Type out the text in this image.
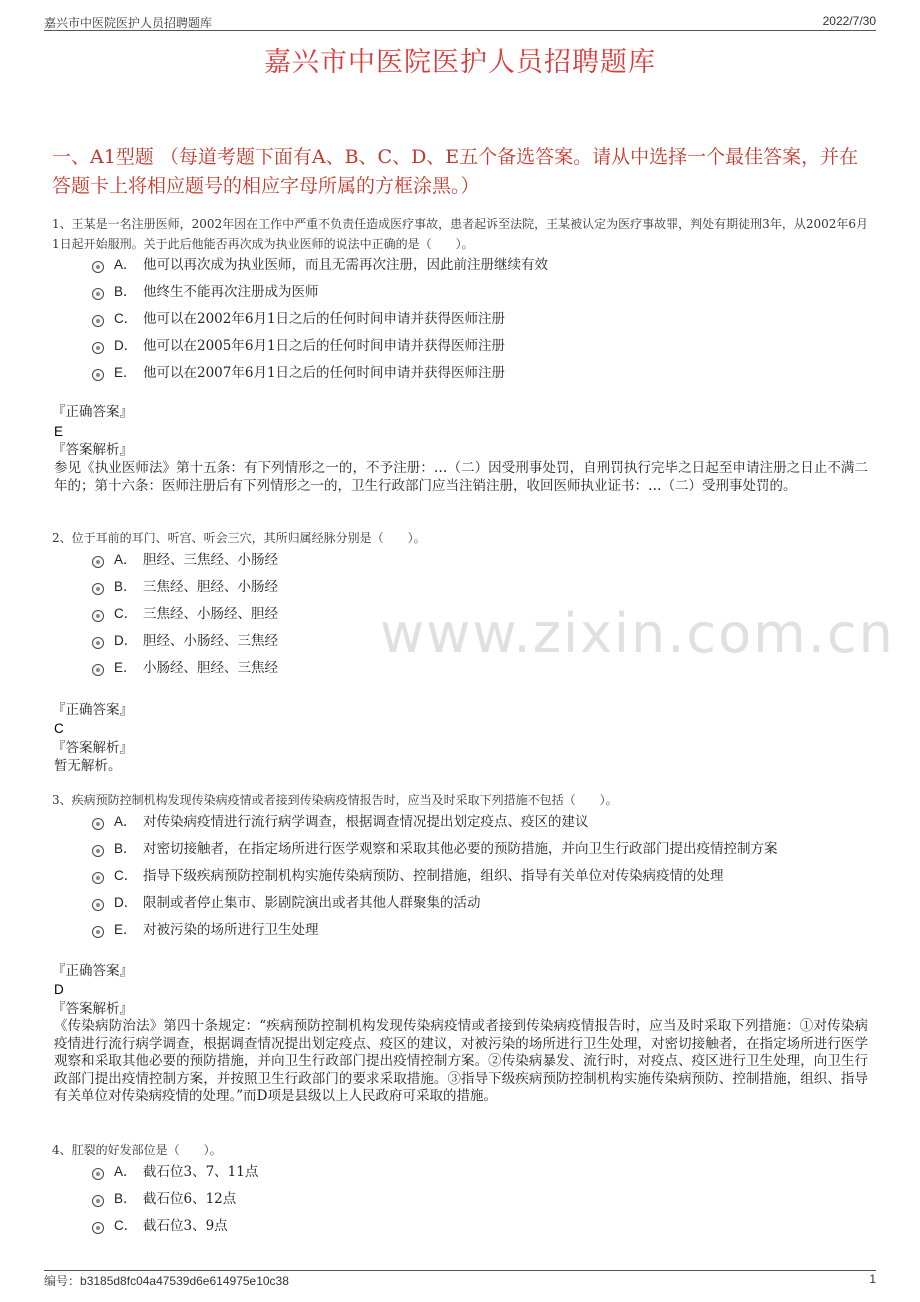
嘉兴市中医院医护人员招聘题库	2022/7/30
嘉兴市中医院医护人员招聘题库
一、A1型题 （每道考题下面有A、B、C、D、E五个备选答案。请从中选择一个最佳答案，并在答题卡上将相应题号的相应字母所属的方框涂黑。）
www.zixin.com.cn
1、王某是一名注册医师，2002年因在工作中严重不负责任造成医疗事故，患者起诉至法院，王某被认定为医疗事故罪，判处有期徒刑3年，从2002年6月1日起开始服刑。关于此后他能否再次成为执业医师的说法中正确的是（　　）。
A． 他可以再次成为执业医师，而且无需再次注册，因此前注册继续有效
B． 他终生不能再次注册成为医师
C． 他可以在2002年6月1日之后的任何时间申请并获得医师注册
D． 他可以在2005年6月1日之后的任何时间申请并获得医师注册
E． 他可以在2007年6月1日之后的任何时间申请并获得医师注册
『正确答案』
E
『答案解析』
参见《执业医师法》第十五条：有下列情形之一的，不予注册：…（二）因受刑事处罚，自刑罚执行完毕之日起至申请注册之日止不满二年的；第十六条：医师注册后有下列情形之一的，卫生行政部门应当注销注册，收回医师执业证书：…（二）受刑事处罚的。
2、位于耳前的耳门、听宫、听会三穴，其所归属经脉分别是（　　）。
A． 胆经、三焦经、小肠经
B． 三焦经、胆经、小肠经
C． 三焦经、小肠经、胆经
D． 胆经、小肠经、三焦经
E． 小肠经、胆经、三焦经
『正确答案』
C
『答案解析』
暂无解析。
3、疾病预防控制机构发现传染病疫情或者接到传染病疫情报告时，应当及时采取下列措施不包括（　　）。
A． 对传染病疫情进行流行病学调查，根据调查情况提出划定疫点、疫区的建议
B． 对密切接触者，在指定场所进行医学观察和采取其他必要的预防措施，并向卫生行政部门提出疫情控制方案
C． 指导下级疾病预防控制机构实施传染病预防、控制措施，组织、指导有关单位对传染病疫情的处理
D． 限制或者停止集市、影剧院演出或者其他人群聚集的活动
E． 对被污染的场所进行卫生处理
『正确答案』
D
『答案解析』
《传染病防治法》第四十条规定：“疾病预防控制机构发现传染病疫情或者接到传染病疫情报告时，应当及时采取下列措施：①对传染病疫情进行流行病学调查，根据调查情况提出划定疫点、疫区的建议，对被污染的场所进行卫生处理，对密切接触者，在指定场所进行医学观察和采取其他必要的预防措施，并向卫生行政部门提出疫情控制方案。②传染病暴发、流行时，对疫点、疫区进行卫生处理，向卫生行政部门提出疫情控制方案，并按照卫生行政部门的要求采取措施。③指导下级疾病预防控制机构实施传染病预防、控制措施，组织、指导有关单位对传染病疫情的处理。”而D项是县级以上人民政府可采取的措施。
4、肛裂的好发部位是（　　）。
A． 截石位3、7、11点
B． 截石位6、12点
C． 截石位3、9点
编号：b3185d8fc04a47539d6e614975e10c38	1
